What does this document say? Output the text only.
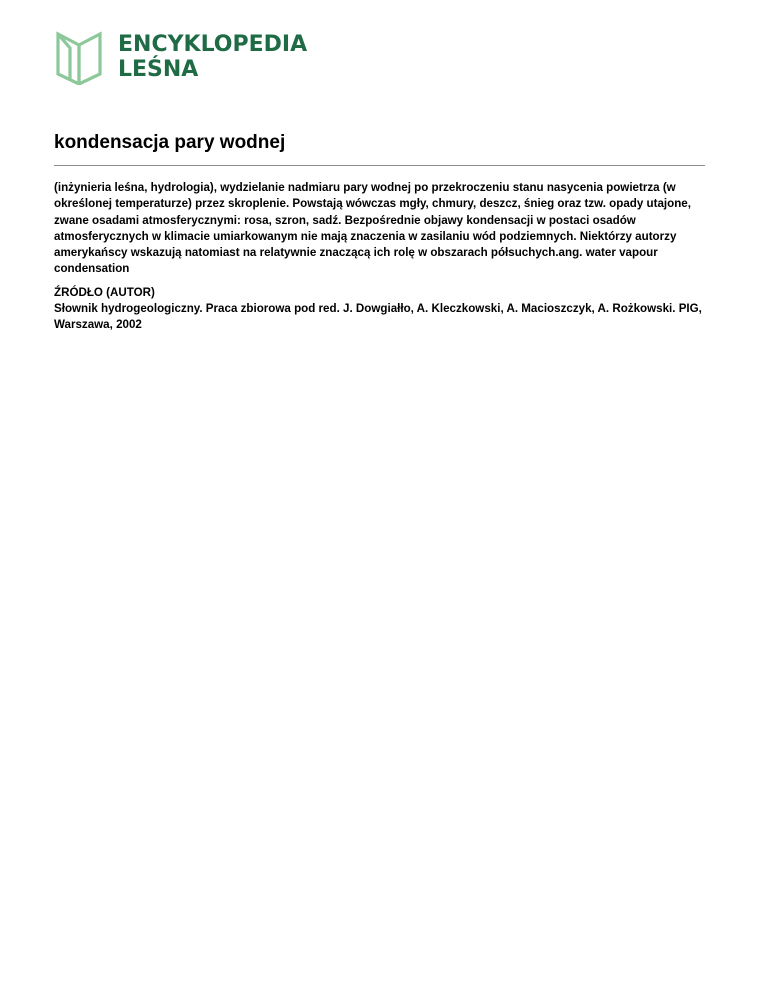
ENCYKLOPEDIA
LEŚNA
kondensacja pary wodnej

(inżynieria leśna, hydrologia), wydzielanie nadmiaru pary wodnej po przekroczeniu stanu nasycenia powietrza (w określonej temperaturze) przez skroplenie. Powstają wówczas mgły, chmury, deszcz, śnieg oraz tzw. opady utajone, zwane osadami atmosferycznymi: rosa, szron, sadź. Bezpośrednie objawy kondensacji w postaci osadów atmosferycznych w klimacie umiarkowanym nie mają znaczenia w zasilaniu wód podziemnych. Niektórzy autorzy amerykańscy wskazują natomiast na relatywnie znaczącą ich rolę w obszarach półsuchych.ang. water vapour condensation

ŹRÓDŁO (AUTOR)

Słownik hydrogeologiczny. Praca zbiorowa pod red. J. Dowgiałło, A. Kleczkowski, A. Macioszczyk, A. Rożkowski. PIG, Warszawa, 2002
